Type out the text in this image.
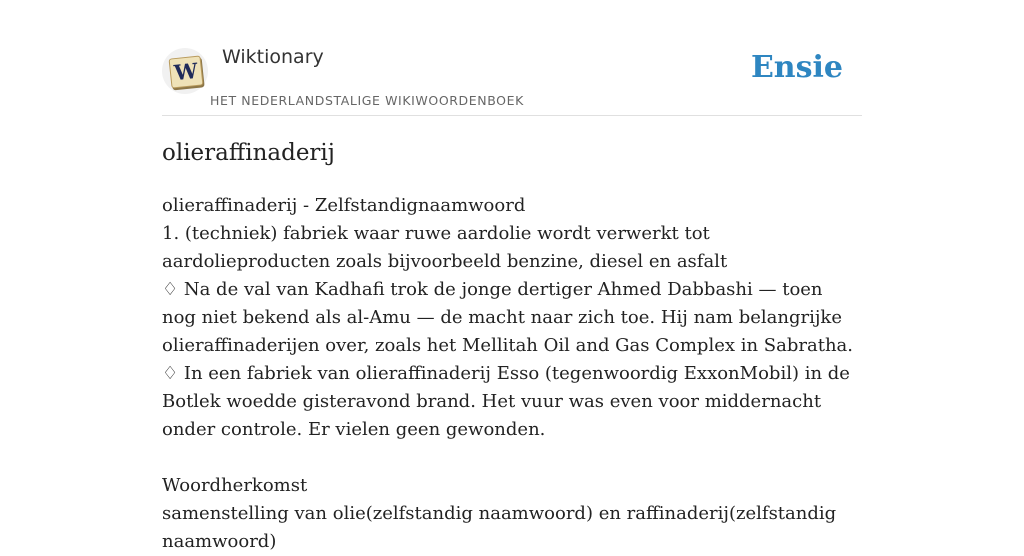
W
Wiktionary
HET NEDERLANDSTALIGE WIKIWOORDENBOEK
Ensie
olieraffinaderij

olieraffinaderij - Zelfstandignaamwoord

1. (techniek) fabriek waar ruwe aardolie wordt verwerkt tot aardolieproducten zoals bijvoorbeeld benzine, diesel en asfalt

♢ Na de val van Kadhafi trok de jonge dertiger Ahmed Dabbashi — toen nog niet bekend als al-Amu — de macht naar zich toe. Hij nam belangrijke olieraffinaderijen over, zoals het Mellitah Oil and Gas Complex in Sabratha.

♢ In een fabriek van olieraffinaderij Esso (tegenwoordig ExxonMobil) in de Botlek woedde gisteravond brand. Het vuur was even voor middernacht onder controle. Er vielen geen gewonden.

Woordherkomst

samenstelling van olie(zelfstandig naamwoord) en raffinaderij(zelfstandig naamwoord)
